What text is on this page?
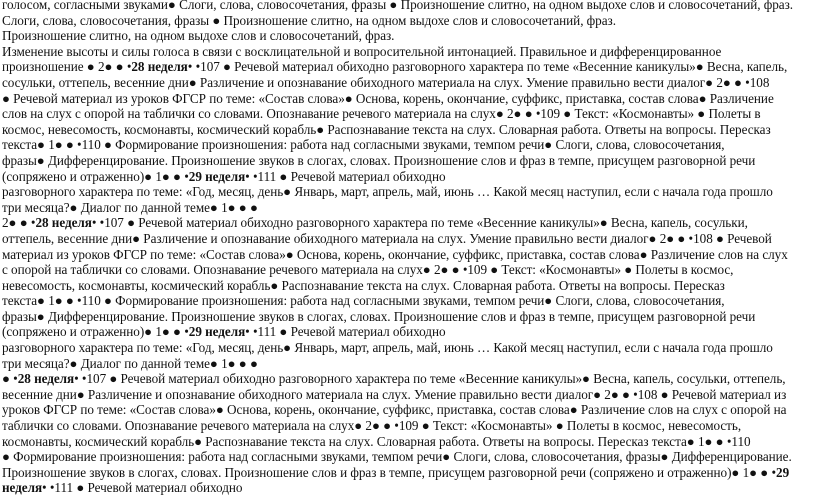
голосом, согласными звуками● Слоги, слова, словосочетания, фразы ● Произношение слитно, на одном выдохе слов и словосочетаний, фраз.
Слоги, слова, словосочетания, фразы ● Произношение слитно, на одном выдохе слов и словосочетаний, фраз.
Произношение слитно, на одном выдохе слов и словосочетаний, фраз.
Изменение высоты и силы голоса в связи с восклицательной и вопросительной интонацией. Правильное и дифференцированное
произношение ● 2● ● •28 неделя• •107 ● Речевой материал обиходно разговорного характера по теме «Весенние каникулы»● Весна, капель,
сосульки, оттепель, весенние дни● Различение и опознавание обиходного материала на слух. Умение правильно вести диалог● 2● ● •108
● Речевой материал из уроков ФГСР по теме: «Состав слова»● Основа, корень, окончание, суффикс, приставка, состав слова● Различение
слов на слух с опорой на таблички со словами. Опознавание речевого материала на слух● 2● ● •109 ● Текст: «Космонавты» ● Полеты в
космос, невесомость, космонавты, космический корабль● Распознавание текста на слух. Словарная работа. Ответы на вопросы. Пересказ
текста● 1● ● •110 ● Формирование произношения: работа над согласными звуками, темпом речи● Слоги, слова, словосочетания,
фразы● Дифференцирование. Произношение звуков в слогах, словах. Произношение слов и фраз в темпе, присущем разговорной речи
(сопряжено и отраженно)● 1● ● •29 неделя• •111 ● Речевой материал обиходно
разговорного характера по теме: «Год, месяц, день● Январь, март, апрель, май, июнь … Какой месяц наступил, если с начала года прошло
три месяца?● Диалог по данной теме● 1● ● ●
2● ● •28 неделя• •107 ● Речевой материал обиходно разговорного характера по теме «Весенние каникулы»● Весна, капель, сосульки,
оттепель, весенние дни● Различение и опознавание обиходного материала на слух. Умение правильно вести диалог● 2● ● •108 ● Речевой
материал из уроков ФГСР по теме: «Состав слова»● Основа, корень, окончание, суффикс, приставка, состав слова● Различение слов на слух
с опорой на таблички со словами. Опознавание речевого материала на слух● 2● ● •109 ● Текст: «Космонавты» ● Полеты в космос,
невесомость, космонавты, космический корабль● Распознавание текста на слух. Словарная работа. Ответы на вопросы. Пересказ
текста● 1● ● •110 ● Формирование произношения: работа над согласными звуками, темпом речи● Слоги, слова, словосочетания,
фразы● Дифференцирование. Произношение звуков в слогах, словах. Произношение слов и фраз в темпе, присущем разговорной речи
(сопряжено и отраженно)● 1● ● •29 неделя• •111 ● Речевой материал обиходно
разговорного характера по теме: «Год, месяц, день● Январь, март, апрель, май, июнь … Какой месяц наступил, если с начала года прошло
три месяца?● Диалог по данной теме● 1● ● ●
● •28 неделя• •107 ● Речевой материал обиходно разговорного характера по теме «Весенние каникулы»● Весна, капель, сосульки, оттепель,
весенние дни● Различение и опознавание обиходного материала на слух. Умение правильно вести диалог● 2● ● •108 ● Речевой материал из
уроков ФГСР по теме: «Состав слова»● Основа, корень, окончание, суффикс, приставка, состав слова● Различение слов на слух с опорой на
таблички со словами. Опознавание речевого материала на слух● 2● ● •109 ● Текст: «Космонавты» ● Полеты в космос, невесомость,
космонавты, космический корабль● Распознавание текста на слух. Словарная работа. Ответы на вопросы. Пересказ текста● 1● ● •110
● Формирование произношения: работа над согласными звуками, темпом речи● Слоги, слова, словосочетания, фразы● Дифференцирование.
Произношение звуков в слогах, словах. Произношение слов и фраз в темпе, присущем разговорной речи (сопряжено и отраженно)● 1● ● •29
неделя• •111 ● Речевой материал обиходно
